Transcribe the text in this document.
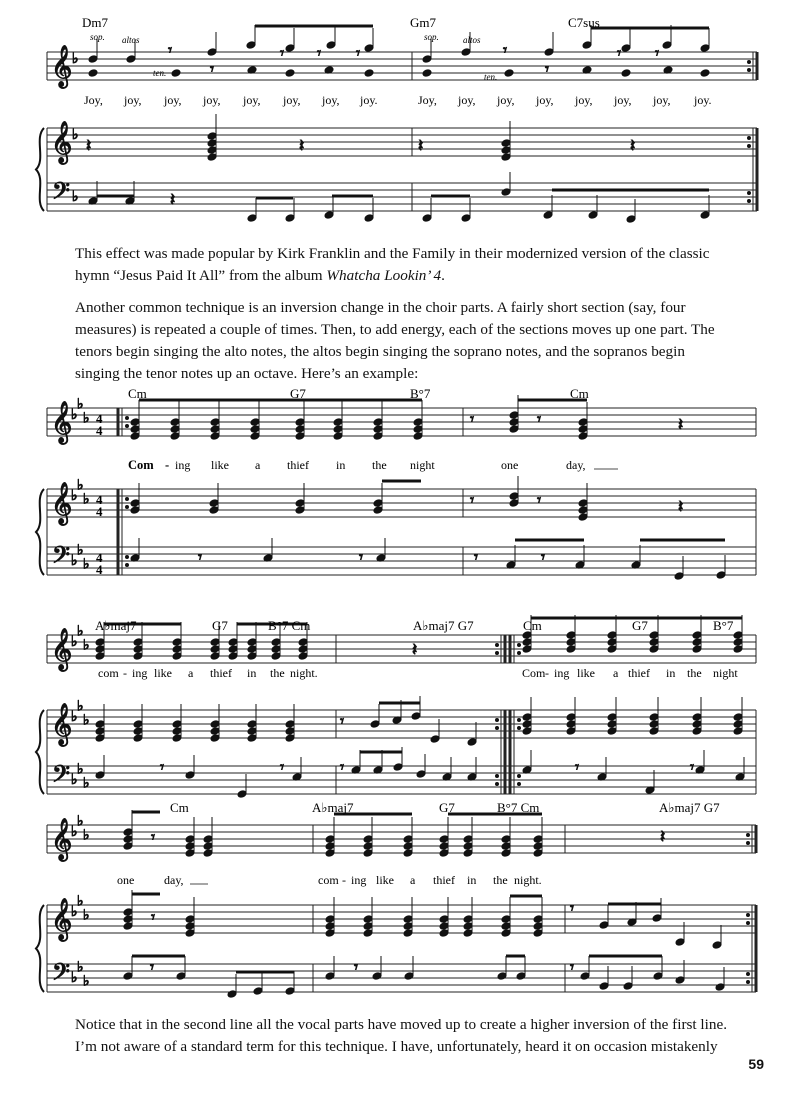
𝄞
𝄞
𝄢
♭
♭
♭
𝄾
𝄾
𝄾 𝄾 𝄾	𝄾
𝄾
𝄾 𝄾
𝄽	𝄽
𝄽	𝄽
𝄽
𝄞
𝄞
𝄢
♭
♭
♭
♭
♭
♭
♭
♭
♭
𝄾	𝄾	𝄽
𝄾	𝄾	𝄽
𝄾	𝄾	𝄾	𝄾
𝄞
𝄞
𝄢
♭
♭
♭
♭
♭
♭
♭
♭
♭
𝄽
𝄾
𝄾	𝄾	𝄾	𝄾	𝄾
𝄞
𝄞
𝄢
♭
♭
♭
♭
♭
♭
♭
♭
♭
𝄾	𝄽
𝄾
𝄾
𝄾	𝄾	𝄾
Dm7	Gm7	C7sus
sop. altos
ten.
sop.	altos
ten.
Joy, joy, joy, joy, joy, joy, joy, joy.	Joy, joy, joy, joy, joy, joy, joy, joy.
Cm	G7	B°7	Cm
Com - ing like a thief in the night	one	day,
A♭maj7	G7	B°7 Cm	A♭maj7 G7	Cm	G7	B°7
com - ing like a thief in the night.	Com - ing like a thief in the night
Cm	A♭maj7	G7	B°7 Cm	A♭maj7 G7
one day,	com - ing like a thief in the night.
4
4
4
4
4
4

This effect was made popular by Kirk Franklin and the Family in their modernized version of the classic

hymn “Jesus Paid It All” from the album Whatcha Lookin’ 4.

Another common technique is an inversion change in the choir parts. A fairly short section (say, four

measures) is repeated a couple of times. Then, to add energy, each of the sections moves up one part. The

tenors begin singing the alto notes, the altos begin singing the soprano notes, and the sopranos begin

singing the tenor notes up an octave. Here’s an example:

Notice that in the second line all the vocal parts have moved up to create a higher inversion of the first line.

I’m not aware of a standard term for this technique. I have, unfortunately, heard it on occasion mistakenly

59
